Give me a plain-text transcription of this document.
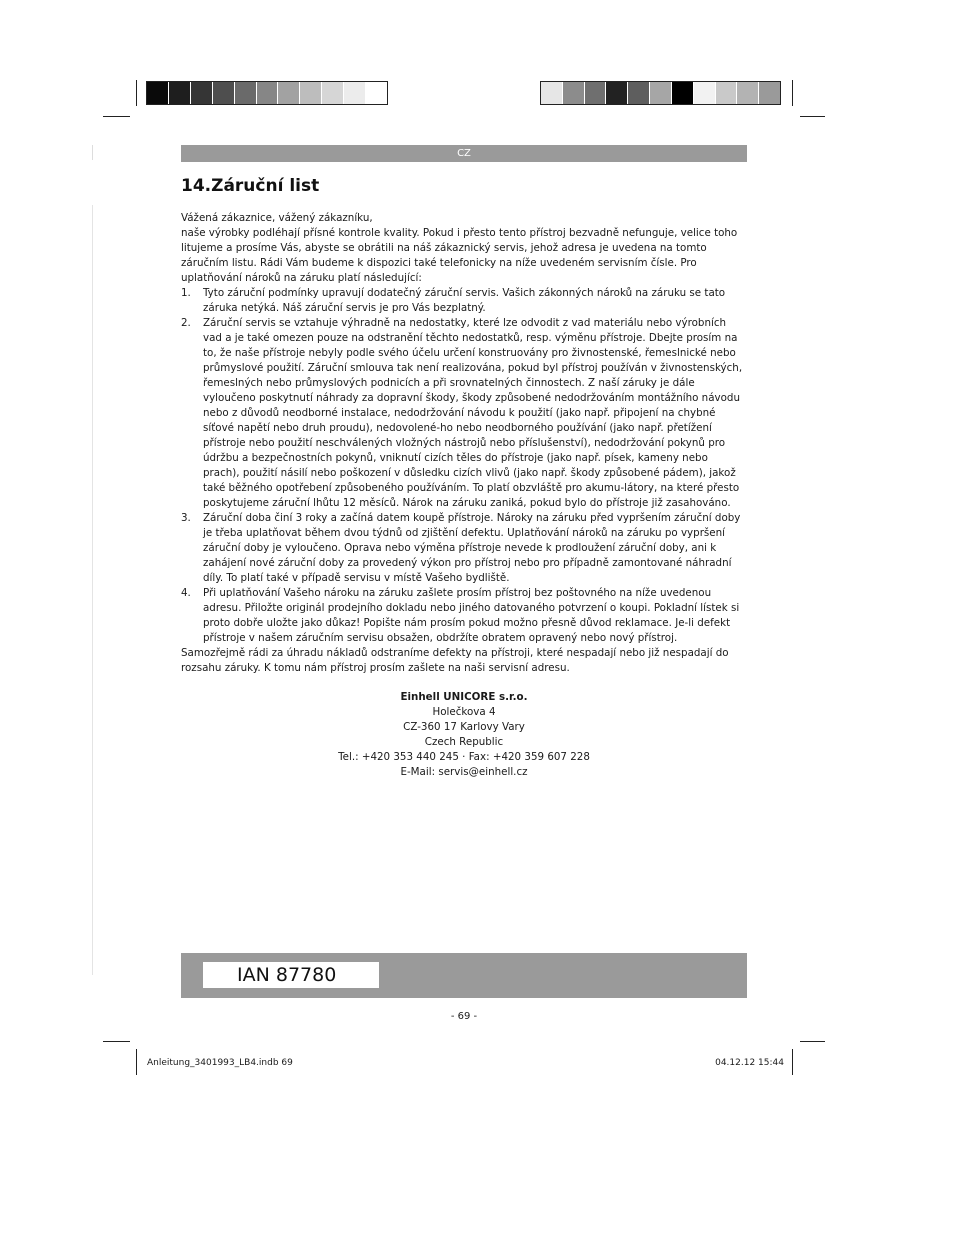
CZ
14.Záruční list

Vážená zákaznice, vážený zákazníku,

naše výrobky podléhají přísné kontrole kvality. Pokud i přesto tento přístroj bezvadně nefunguje, velice toho litujeme a prosíme Vás, abyste se obrátili na náš zákaznický servis, jehož adresa je uvedena na tomto záručním listu. Rádi Vám budeme k dispozici také telefonicky na níže uvedeném servisním čísle. Pro uplatňování nároků na záruku platí následující:

1. Tyto záruční podmínky upravují dodatečný záruční servis. Vašich zákonných nároků na záruku se tato záruka netýká. Náš záruční servis je pro Vás bezplatný.
2. Záruční servis se vztahuje výhradně na nedostatky, které lze odvodit z vad materiálu nebo výrobních vad a je také omezen pouze na odstranění těchto nedostatků, resp. výměnu přístroje. Dbejte prosím na to, že naše přístroje nebyly podle svého účelu určení konstruovány pro živnostenské, řemeslnické nebo průmyslové použití. Záruční smlouva tak není realizována, pokud byl přístroj používán v živnostenských, řemeslných nebo průmyslových podnicích a při srovnatelných činnostech. Z naší záruky je dále vyloučeno poskytnutí náhrady za dopravní škody, škody způsobené nedodržováním montážního návodu nebo z důvodů neodborné instalace, nedodržování návodu k použití (jako např. připojení na chybné síťové napětí nebo druh proudu), nedovolené-ho nebo neodborného používání (jako např. přetížení přístroje nebo použití neschválených vložných nástrojů nebo příslušenství), nedodržování pokynů pro údržbu a bezpečnostních pokynů, vniknutí cizích těles do přístroje (jako např. písek, kameny nebo prach), použití násilí nebo poškození v důsledku cizích vlivů (jako např. škody způsobené pádem), jakož také běžného opotřebení způsobeného používáním. To platí obzvláště pro akumu-látory, na které přesto poskytujeme záruční lhůtu 12 měsíců. Nárok na záruku zaniká, pokud bylo do přístroje již zasahováno.
3. Záruční doba činí 3 roky a začíná datem koupě přístroje. Nároky na záruku před vypršením záruční doby je třeba uplatňovat během dvou týdnů od zjištění defektu. Uplatňování nároků na záruku po vypršení záruční doby je vyloučeno. Oprava nebo výměna přístroje nevede k prodloužení záruční doby, ani k zahájení nové záruční doby za provedený výkon pro přístroj nebo pro případně zamontované náhradní díly. To platí také v případě servisu v místě Vašeho bydliště.
4. Při uplatňování Vašeho nároku na záruku zašlete prosím přístroj bez poštovného na níže uvedenou adresu. Přiložte originál prodejního dokladu nebo jiného datovaného potvrzení o koupi. Pokladní lístek si proto dobře uložte jako důkaz! Popište nám prosím pokud možno přesně důvod reklamace. Je-li defekt přístroje v našem záručním servisu obsažen, obdržíte obratem opravený nebo nový přístroj.

Samozřejmě rádi za úhradu nákladů odstraníme defekty na přístroji, které nespadají nebo již nespadají do rozsahu záruky. K tomu nám přístroj prosím zašlete na naši servisní adresu.

Einhell UNICORE s.r.o.
Holečkova 4
CZ-360 17 Karlovy Vary
Czech Republic
Tel.: +420 353 440 245 · Fax: +420 359 607 228
E-Mail: servis@einhell.cz
IAN 87780
- 69 -
Anleitung_3401993_LB4.indb 69	04.12.12 15:44
